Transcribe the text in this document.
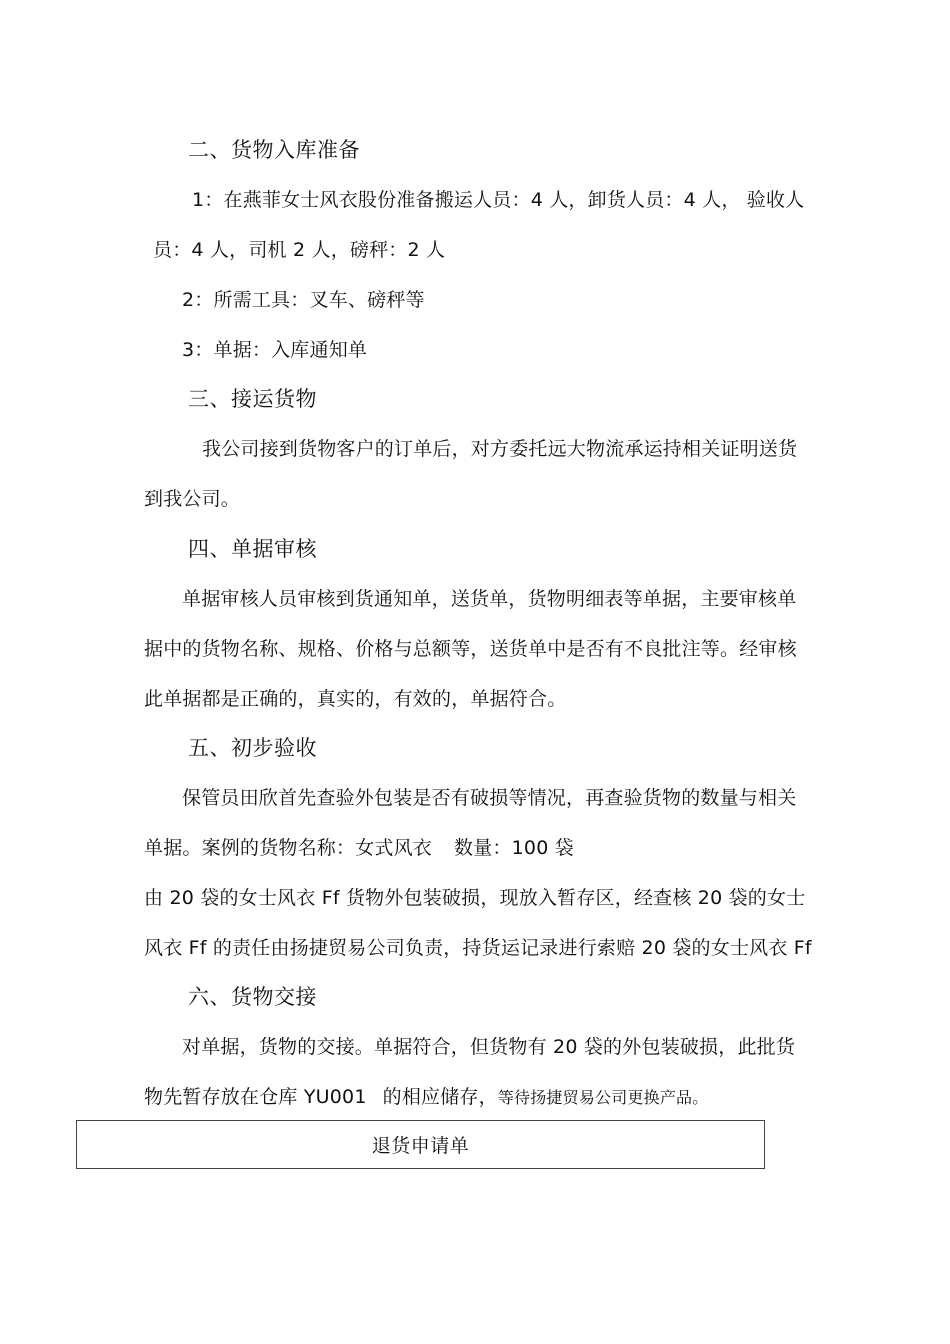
二、货物入库准备
1：在燕菲女士风衣股份准备搬运人员：4 人，卸货人员：4 人， 验收人
员：4 人，司机 2 人，磅秤：2 人
2：所需工具：叉车、磅秤等
3：单据：入库通知单
三、接运货物
我公司接到货物客户的订单后，对方委托远大物流承运持相关证明送货
到我公司。
四、单据审核
单据审核人员审核到货通知单，送货单，货物明细表等单据，主要审核单
据中的货物名称、规格、价格与总额等，送货单中是否有不良批注等。经审核
此单据都是正确的，真实的，有效的，单据符合。
五、初步验收
保管员田欣首先查验外包装是否有破损等情况，再查验货物的数量与相关
单据。案例的货物名称：女式风衣 数量：100 袋
由 20 袋的女士风衣 Ff 货物外包装破损，现放入暂存区，经查核 20 袋的女士
风衣 Ff 的责任由扬捷贸易公司负责，持货运记录进行索赔 20 袋的女士风衣 Ff
六、货物交接
对单据，货物的交接。单据符合，但货物有 20 袋的外包装破损，此批货
物先暂存放在仓库 YU001 的相应储存，等待扬捷贸易公司更换产品。
退货申请单
